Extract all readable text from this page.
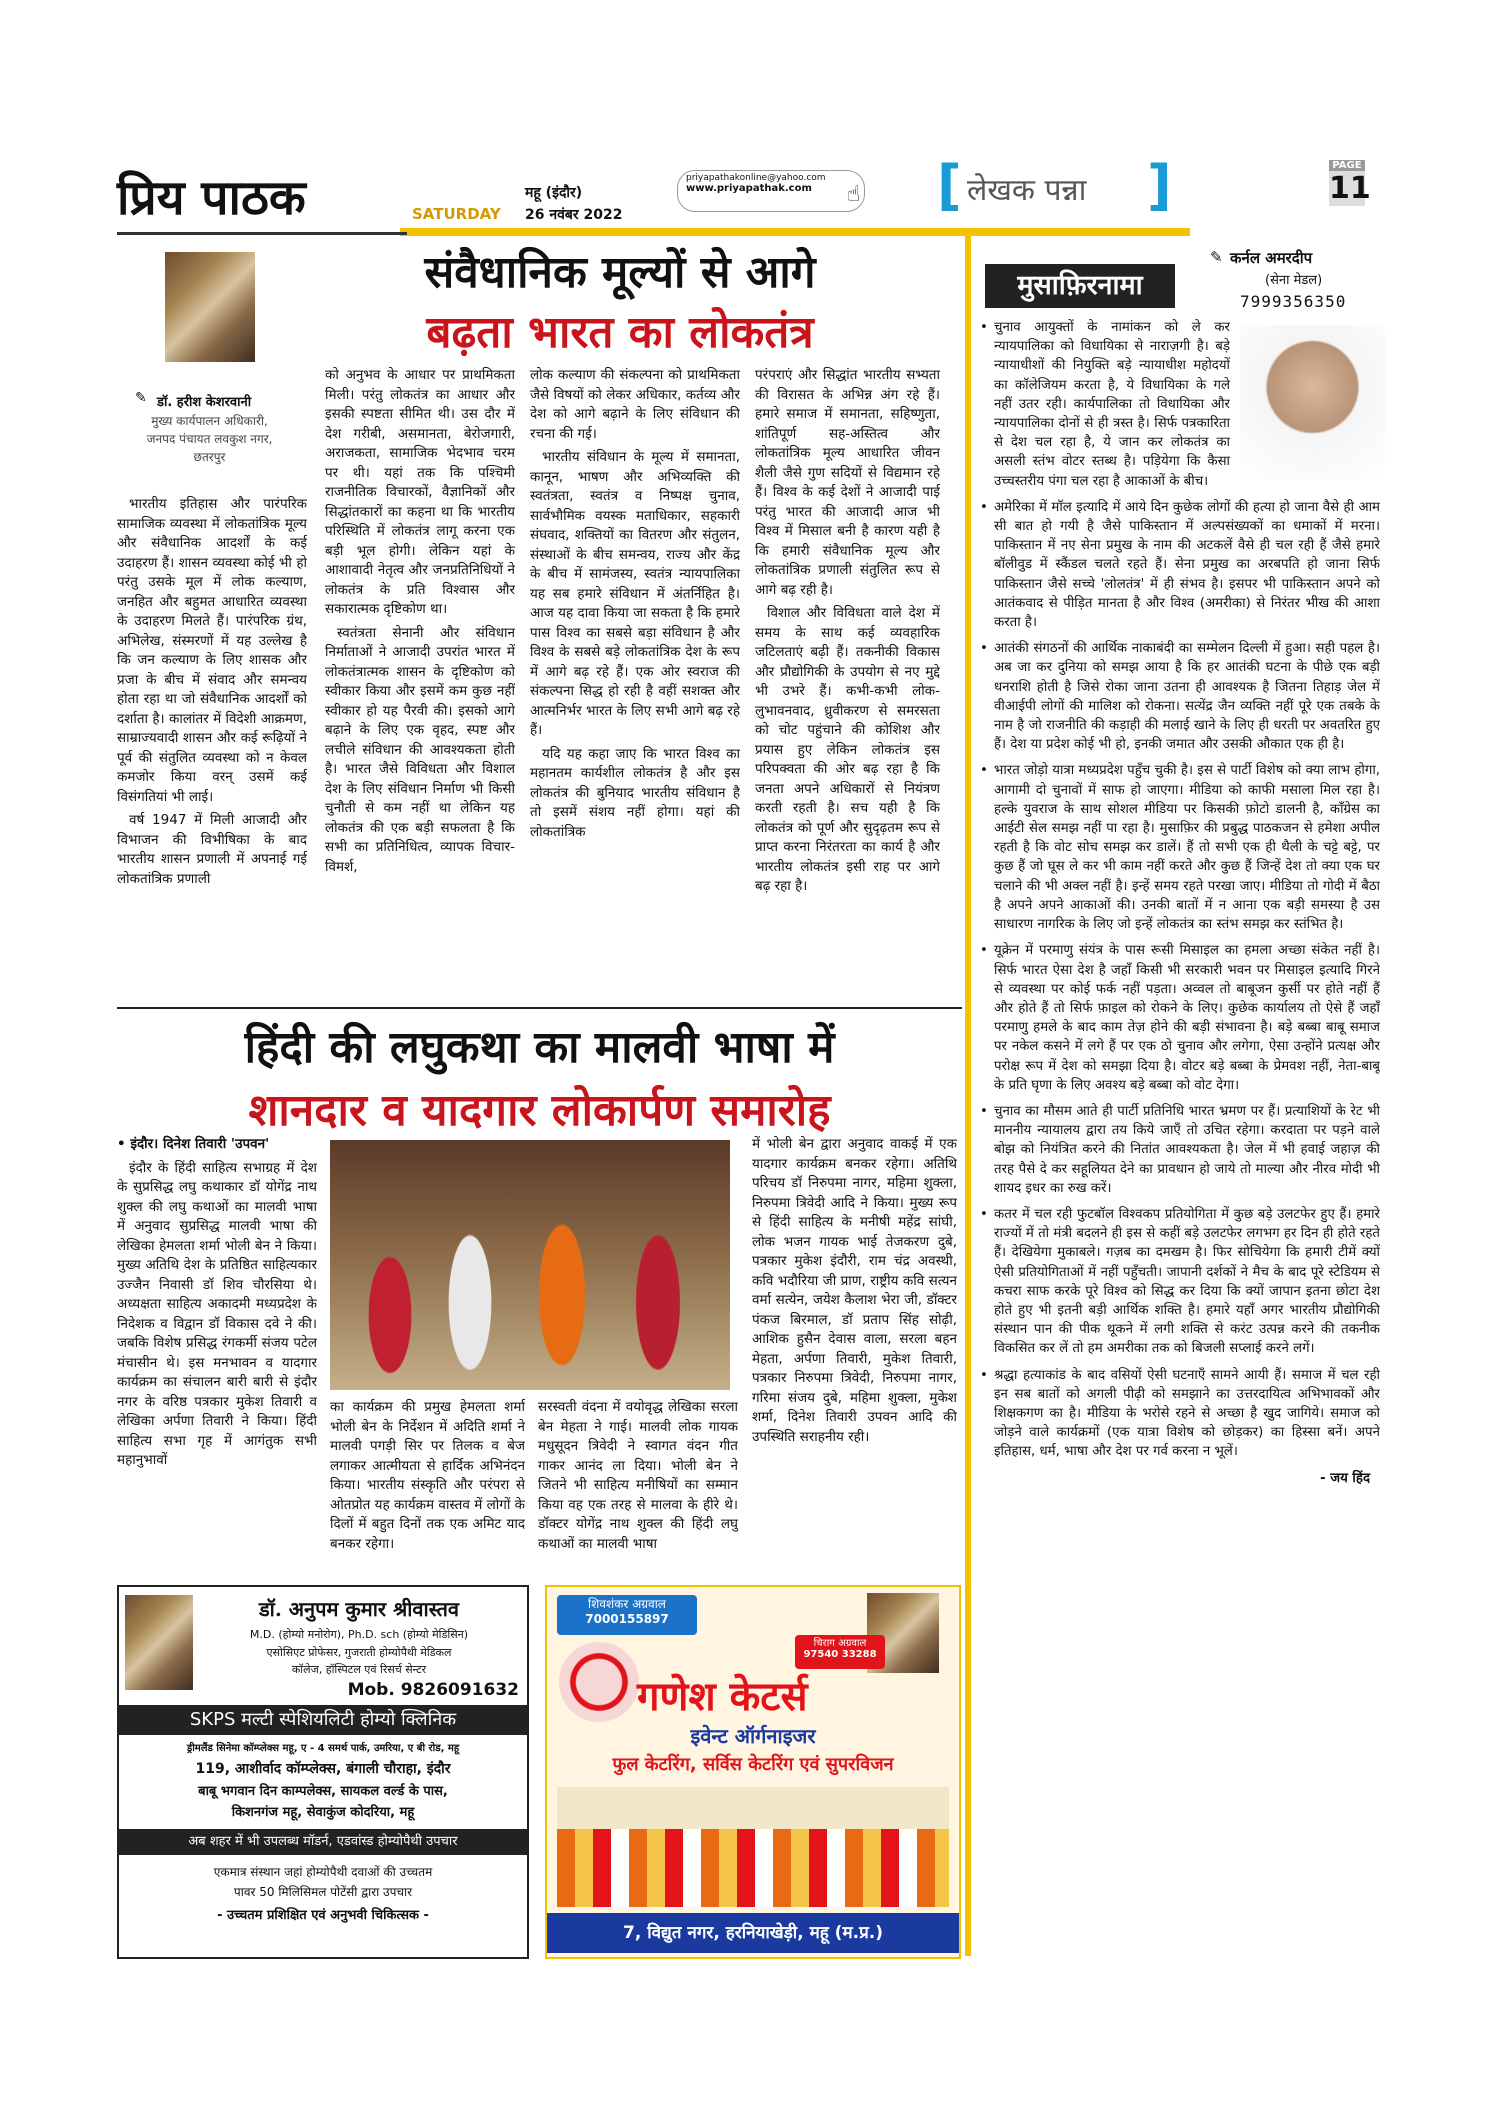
प्रिय पाठक	SATURDAY
महू (इंदौर)
26 नवंबर 2022
priyapathakonline@yahoo.com
www.priyapathak.com	☝ [ लेखक पन्ना ]	PAGE
11
संवैधानिक मूल्यों से आगे
बढ़ता भारत का लोकतंत्र
✎ डॉ. हरीश केशरवानी
मुख्य कार्यपालन अधिकारी,
जनपद पंचायत लवकुश नगर,
छतरपुर

भारतीय इतिहास और पारंपरिक सामाजिक व्यवस्था में लोकतांत्रिक मूल्य और संवैधानिक आदर्शों के कई उदाहरण हैं। शासन व्यवस्था कोई भी हो परंतु उसके मूल में लोक कल्याण, जनहित और बहुमत आधारित व्यवस्था के उदाहरण मिलते हैं। पारंपरिक ग्रंथ, अभिलेख, संस्मरणों में यह उल्लेख है कि जन कल्याण के लिए शासक और प्रजा के बीच में संवाद और समन्वय होता रहा था जो संवैधानिक आदर्शों को दर्शाता है। कालांतर में विदेशी आक्रमण, साम्राज्यवादी शासन और कई रूढ़ियों ने पूर्व की संतुलित व्यवस्था को न केवल कमजोर किया वरन् उसमें कई विसंगतियां भी लाई।

वर्ष 1947 में मिली आजादी और विभाजन की विभीषिका के बाद भारतीय शासन प्रणाली में अपनाई गई लोकतांत्रिक प्रणाली

को अनुभव के आधार पर प्राथमिकता मिली। परंतु लोकतंत्र का आधार और इसकी स्पष्टता सीमित थी। उस दौर में देश गरीबी, असमानता, बेरोजगारी, अराजकता, सामाजिक भेदभाव चरम पर थी। यहां तक कि पश्चिमी राजनीतिक विचारकों, वैज्ञानिकों और सिद्धांतकारों का कहना था कि भारतीय परिस्थिति में लोकतंत्र लागू करना एक बड़ी भूल होगी। लेकिन यहां के आशावादी नेतृत्व और जनप्रतिनिधियों ने लोकतंत्र के प्रति विश्वास और सकारात्मक दृष्टिकोण था।

स्वतंत्रता सेनानी और संविधान निर्माताओं ने आजादी उपरांत भारत में लोकतंत्रात्मक शासन के दृष्टिकोण को स्वीकार किया और इसमें कम कुछ नहीं स्वीकार हो यह पैरवी की। इसको आगे बढ़ाने के लिए एक वृहद, स्पष्ट और लचीले संविधान की आवश्यकता होती है। भारत जैसे विविधता और विशाल देश के लिए संविधान निर्माण भी किसी चुनौती से कम नहीं था लेकिन यह लोकतंत्र की एक बड़ी सफलता है कि सभी का प्रतिनिधित्व, व्यापक विचार-विमर्श,

लोक कल्याण की संकल्पना को प्राथमिकता जैसे विषयों को लेकर अधिकार, कर्तव्य और देश को आगे बढ़ाने के लिए संविधान की रचना की गई।

भारतीय संविधान के मूल्य में समानता, कानून, भाषण और अभिव्यक्ति की स्वतंत्रता, स्वतंत्र व निष्पक्ष चुनाव, सार्वभौमिक वयस्क मताधिकार, सहकारी संघवाद, शक्तियों का वितरण और संतुलन, संस्थाओं के बीच समन्वय, राज्य और केंद्र के बीच में सामंजस्य, स्वतंत्र न्यायपालिका यह सब हमारे संविधान में अंतर्निहित है। आज यह दावा किया जा सकता है कि हमारे पास विश्व का सबसे बड़ा संविधान है और विश्व के सबसे बड़े लोकतांत्रिक देश के रूप में आगे बढ़ रहे हैं। एक ओर स्वराज की संकल्पना सिद्ध हो रही है वहीं सशक्त और आत्मनिर्भर भारत के लिए सभी आगे बढ़ रहे हैं।

यदि यह कहा जाए कि भारत विश्व का महानतम कार्यशील लोकतंत्र है और इस लोकतंत्र की बुनियाद भारतीय संविधान है तो इसमें संशय नहीं होगा। यहां की लोकतांत्रिक

परंपराएं और सिद्धांत भारतीय सभ्यता की विरासत के अभिन्न अंग रहे हैं। हमारे समाज में समानता, सहिष्णुता, शांतिपूर्ण सह-अस्तित्व और लोकतांत्रिक मूल्य आधारित जीवन शैली जैसे गुण सदियों से विद्यमान रहे हैं। विश्व के कई देशों ने आजादी पाई परंतु भारत की आजादी आज भी विश्व में मिसाल बनी है कारण यही है कि हमारी संवैधानिक मूल्य और लोकतांत्रिक प्रणाली संतुलित रूप से आगे बढ़ रही है।

विशाल और विविधता वाले देश में समय के साथ कई व्यवहारिक जटिलताएं बढ़ी हैं। तकनीकी विकास और प्रौद्योगिकी के उपयोग से नए मुद्दे भी उभरे हैं। कभी-कभी लोक-लुभावनवाद, ध्रुवीकरण से समरसता को चोट पहुंचाने की कोशिश और प्रयास हुए लेकिन लोकतंत्र इस परिपक्वता की ओर बढ़ रहा है कि जनता अपने अधिकारों से नियंत्रण करती रहती है। सच यही है कि लोकतंत्र को पूर्ण और सुदृढ़तम रूप से प्राप्त करना निरंतरता का कार्य है और भारतीय लोकतंत्र इसी राह पर आगे बढ़ रहा है।

हिंदी की लघुकथा का मालवी भाषा में
शानदार व यादगार लोकार्पण समारोह

• इंदौर। दिनेश तिवारी 'उपवन'

इंदौर के हिंदी साहित्य सभाग्रह में देश के सुप्रसिद्ध लघु कथाकार डॉ योगेंद्र नाथ शुक्ल की लघु कथाओं का मालवी भाषा में अनुवाद सुप्रसिद्ध मालवी भाषा की लेखिका हेमलता शर्मा भोली बेन ने किया। मुख्य अतिथि देश के प्रतिष्ठित साहित्यकार उज्जैन निवासी डॉ शिव चौरसिया थे। अध्यक्षता साहित्य अकादमी मध्यप्रदेश के निदेशक व विद्वान डॉ विकास दवे ने की। जबकि विशेष प्रसिद्ध रंगकर्मी संजय पटेल मंचासीन थे। इस मनभावन व यादगार कार्यक्रम का संचालन बारी बारी से इंदौर नगर के वरिष्ठ पत्रकार मुकेश तिवारी व लेखिका अर्पणा तिवारी ने किया। हिंदी साहित्य सभा गृह में आगंतुक सभी महानुभावों

का कार्यक्रम की प्रमुख हेमलता शर्मा भोली बेन के निर्देशन में अदिति शर्मा ने मालवी पगड़ी सिर पर तिलक व बेज लगाकर आत्मीयता से हार्दिक अभिनंदन किया। भारतीय संस्कृति और परंपरा से ओतप्रोत यह कार्यक्रम वास्तव में लोगों के दिलों में बहुत दिनों तक एक अमिट याद बनकर रहेगा।

सरस्वती वंदना में वयोवृद्ध लेखिका सरला बेन मेहता ने गाई। मालवी लोक गायक मधुसूदन त्रिवेदी ने स्वागत वंदन गीत गाकर आनंद ला दिया। भोली बेन ने जितने भी साहित्य मनीषियों का सम्मान किया वह एक तरह से मालवा के हीरे थे। डॉक्टर योगेंद्र नाथ शुक्ल की हिंदी लघु कथाओं का मालवी भाषा

में भोली बेन द्वारा अनुवाद वाकई में एक यादगार कार्यक्रम बनकर रहेगा। अतिथि परिचय डॉ निरुपमा नागर, महिमा शुक्ला, निरुपमा त्रिवेदी आदि ने किया। मुख्य रूप से हिंदी साहित्य के मनीषी महेंद्र सांघी, लोक भजन गायक भाई तेजकरण दुबे, पत्रकार मुकेश इंदौरी, राम चंद्र अवस्थी, कवि भदौरिया जी प्राण, राष्ट्रीय कवि सत्यन वर्मा सत्येन, जयेश कैलाश भेरा जी, डॉक्टर पंकज बिरमाल, डॉ प्रताप सिंह सोढ़ी, आशिक हुसैन देवास वाला, सरला बहन मेहता, अर्पणा तिवारी, मुकेश तिवारी, पत्रकार निरुपमा त्रिवेदी, निरुपमा नागर, गरिमा संजय दुबे, महिमा शुक्ला, मुकेश शर्मा, दिनेश तिवारी उपवन आदि की उपस्थिति सराहनीय रही।

मुसाफ़िरनामा
✎ कर्नल अमरदीप
(सेना मेडल)
7999356350
• चुनाव आयुक्तों के नामांकन को ले कर न्यायपालिका को विधायिका से नाराज़गी है। बड़े न्यायाधीशों की नियुक्ति बड़े न्यायाधीश महोदयों का कॉलेजियम करता है, ये विधायिका के गले नहीं उतर रही। कार्यपालिका तो विधायिका और न्यायपालिका दोनों से ही त्रस्त है। सिर्फ पत्रकारिता से देश चल रहा है, ये जान कर लोकतंत्र का असली स्तंभ वोटर स्तब्ध है। पड़ियेगा कि कैसा उच्चस्तरीय पंगा चल रहा है आकाओं के बीच।
• अमेरिका में मॉल इत्यादि में आये दिन कुछेक लोगों की हत्या हो जाना वैसे ही आम सी बात हो गयी है जैसे पाकिस्तान में अल्पसंख्यकों का धमाकों में मरना। पाकिस्तान में नए सेना प्रमुख के नाम की अटकलें वैसे ही चल रही हैं जैसे हमारे बॉलीवुड में स्कैंडल चलते रहते हैं। सेना प्रमुख का अरबपति हो जाना सिर्फ पाकिस्तान जैसे सच्चे 'लोलतंत्र' में ही संभव है। इसपर भी पाकिस्तान अपने को आतंकवाद से पीड़ित मानता है और विश्व (अमरीका) से निरंतर भीख की आशा करता है।
• आतंकी संगठनों की आर्थिक नाकाबंदी का सम्मेलन दिल्ली में हुआ। सही पहल है। अब जा कर दुनिया को समझ आया है कि हर आतंकी घटना के पीछे एक बड़ी धनराशि होती है जिसे रोका जाना उतना ही आवश्यक है जितना तिहाड़ जेल में वीआईपी लोगों की मालिश को रोकना। सत्येंद्र जैन व्यक्ति नहीं पूरे एक तबके के नाम है जो राजनीति की कड़ाही की मलाई खाने के लिए ही धरती पर अवतरित हुए हैं। देश या प्रदेश कोई भी हो, इनकी जमात और उसकी औकात एक ही है।
• भारत जोड़ो यात्रा मध्यप्रदेश पहुँच चुकी है। इस से पार्टी विशेष को क्या लाभ होगा, आगामी दो चुनावों में साफ हो जाएगा। मीडिया को काफी मसाला मिल रहा है। हल्के युवराज के साथ सोशल मीडिया पर किसकी फ़ोटो डालनी है, कॉंग्रेस का आईटी सेल समझ नहीं पा रहा है। मुसाफ़िर की प्रबुद्ध पाठकजन से हमेशा अपील रहती है कि वोट सोच समझ कर डालें। हैं तो सभी एक ही थैली के चट्टे बट्टे, पर कुछ हैं जो घूस ले कर भी काम नहीं करते और कुछ हैं जिन्हें देश तो क्या एक घर चलाने की भी अक्ल नहीं है। इन्हें समय रहते परखा जाए। मीडिया तो गोदी में बैठा है अपने अपने आकाओं की। उनकी बातों में न आना एक बड़ी समस्या है उस साधारण नागरिक के लिए जो इन्हें लोकतंत्र का स्तंभ समझ कर स्तंभित है।
• यूक्रेन में परमाणु संयंत्र के पास रूसी मिसाइल का हमला अच्छा संकेत नहीं है। सिर्फ भारत ऐसा देश है जहाँ किसी भी सरकारी भवन पर मिसाइल इत्यादि गिरने से व्यवस्था पर कोई फर्क नहीं पड़ता। अव्वल तो बाबूजन कुर्सी पर होते नहीं हैं और होते हैं तो सिर्फ फ़ाइल को रोकने के लिए। कुछेक कार्यालय तो ऐसे हैं जहाँ परमाणु हमले के बाद काम तेज़ होने की बड़ी संभावना है। बड़े बब्बा बाबू समाज पर नकेल कसने में लगे हैं पर एक ठो चुनाव और लगेगा, ऐसा उन्होंने प्रत्यक्ष और परोक्ष रूप में देश को समझा दिया है। वोटर बड़े बब्बा के प्रेमवश नहीं, नेता-बाबू के प्रति घृणा के लिए अवश्य बड़े बब्बा को वोट देगा।
• चुनाव का मौसम आते ही पार्टी प्रतिनिधि भारत भ्रमण पर हैं। प्रत्याशियों के रेट भी माननीय न्यायालय द्वारा तय किये जाएँ तो उचित रहेगा। करदाता पर पड़ने वाले बोझ को नियंत्रित करने की नितांत आवश्यकता है। जेल में भी हवाई जहाज़ की तरह पैसे दे कर सहूलियत देने का प्रावधान हो जाये तो माल्या और नीरव मोदी भी शायद इधर का रुख करें।
• कतर में चल रही फुटबॉल विश्वकप प्रतियोगिता में कुछ बड़े उलटफेर हुए हैं। हमारे राज्यों में तो मंत्री बदलने ही इस से कहीं बड़े उलटफेर लगभग हर दिन ही होते रहते हैं। देखियेगा मुकाबले। गज़ब का दमखम है। फिर सोचियेगा कि हमारी टीमें क्यों ऐसी प्रतियोगिताओं में नहीं पहुँचती। जापानी दर्शकों ने मैच के बाद पूरे स्टेडियम से कचरा साफ करके पूरे विश्व को सिद्ध कर दिया कि क्यों जापान इतना छोटा देश होते हुए भी इतनी बड़ी आर्थिक शक्ति है। हमारे यहाँ अगर भारतीय प्रौद्योगिकी संस्थान पान की पीक थूकने में लगी शक्ति से करंट उत्पन्न करने की तकनीक विकसित कर लें तो हम अमरीका तक को बिजली सप्लाई करने लगें।
• श्रद्धा हत्याकांड के बाद वसियों ऐसी घटनाएँ सामने आयी हैं। समाज में चल रही इन सब बातों को अगली पीढ़ी को समझाने का उत्तरदायित्व अभिभावकों और शिक्षकगण का है। मीडिया के भरोसे रहने से अच्छा है खुद जागिये। समाज को जोड़ने वाले कार्यक्रमों (एक यात्रा विशेष को छोड़कर) का हिस्सा बनें। अपने इतिहास, धर्म, भाषा और देश पर गर्व करना न भूलें।
- जय हिंद
डॉ. अनुपम कुमार श्रीवास्तव
M.D. (होम्यो मनोरोग), Ph.D. sch (होम्यो मेडिसिन)
एसोसिएट प्रोफेसर, गुजराती होम्योपैथी मेडिकल
कॉलेज, हॉस्पिटल एवं रिसर्च सेन्टर
Mob. 9826091632
SKPS मल्टी स्पेशियलिटी होम्यो क्लिनिक
ड्रीमलैंड सिनेमा कॉम्प्लेक्स महू, ए - 4 समर्थ पार्क, उमरिया, ए बी रोड, महू
119, आशीर्वाद कॉम्प्लेक्स, बंगाली चौराहा, इंदौर
बाबू भगवान दिन काम्पलेक्स, सायकल वर्ल्ड के पास,
किशनगंज महू, सेवाकुंज कोदरिया, महू
अब शहर में भी उपलब्ध मॉडर्न, एडवांस्ड होम्योपैथी उपचार
एकमात्र संस्थान जहां होम्योपैथी दवाओं की उच्चतम
पावर 50 मिलिसिमल पोटेंसी द्वारा उपचार
- उच्चतम प्रशिक्षित एवं अनुभवी चिकित्सक -
शिवशंकर अग्रवाल
7000155897
चिराग अग्रवाल
97540 33288
गणेश केटर्स
इवेन्ट ऑर्गनाइजर
फुल केटरिंग, सर्विस केटरिंग एवं सुपरविजन
7, विद्युत नगर, हरनियाखेड़ी, महू (म.प्र.)
